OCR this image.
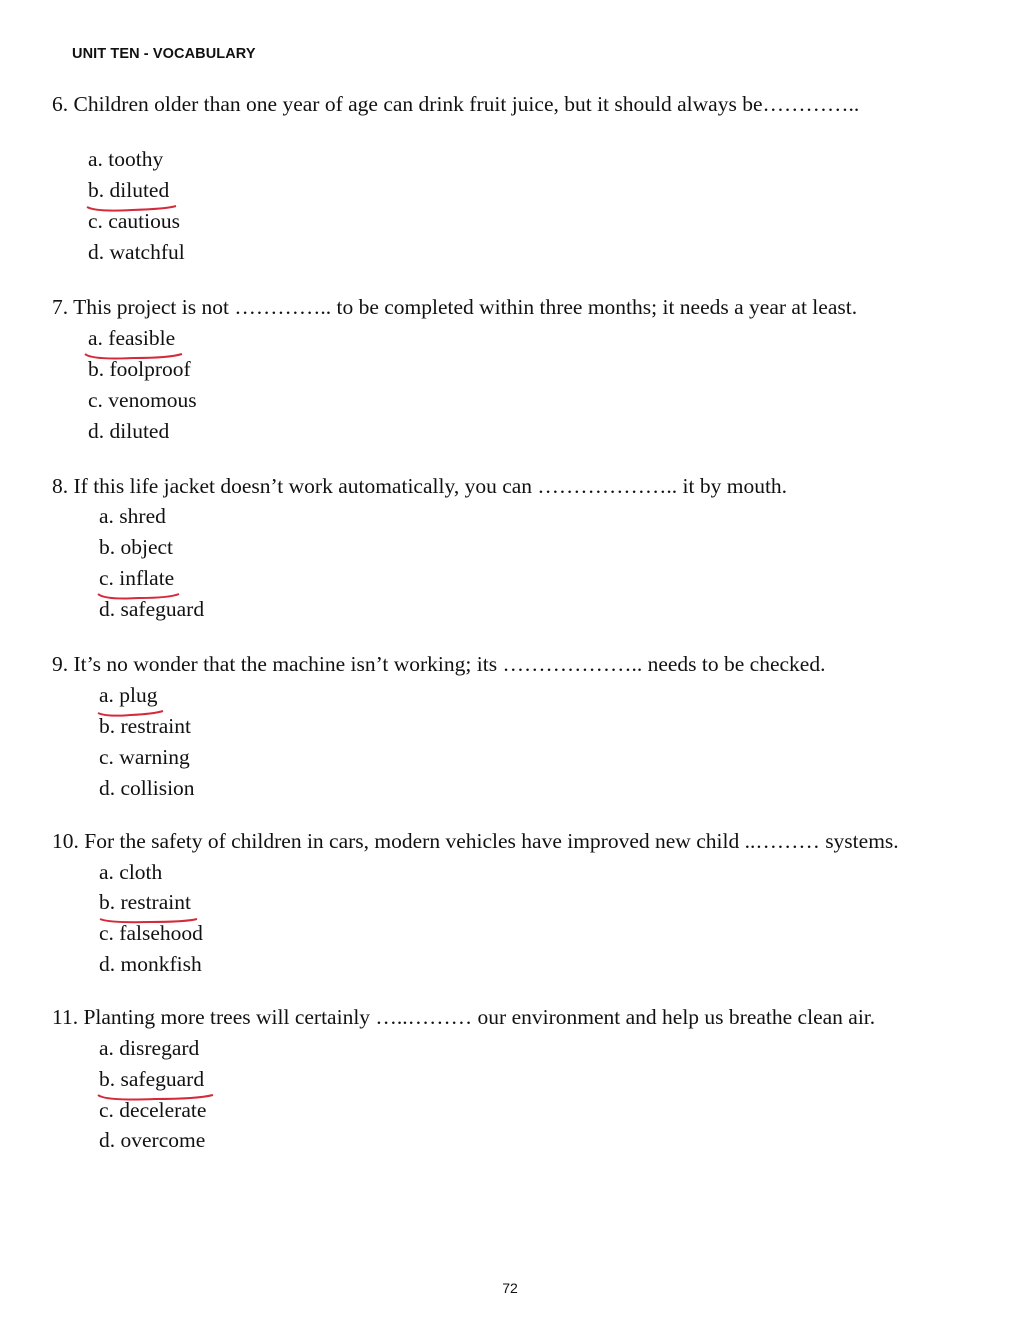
UNIT TEN - VOCABULARY
6. Children older than one year of age can drink fruit juice, but it should always be…………..
a. toothy
b. diluted
c. cautious
d. watchful
7. This project is not ………….. to be completed within three months; it needs a year at least.
a. feasible
b. foolproof
c. venomous
d. diluted
8. If this life jacket doesn’t work automatically, you can ……………….. it by mouth.
a. shred
b. object
c. inflate
d. safeguard
9. It’s no wonder that the machine isn’t working; its ……………….. needs to be checked.
a. plug
b. restraint
c. warning
d. collision
10. For the safety of children in cars, modern vehicles have improved new child ..……… systems.
a. cloth
b. restraint
c. falsehood
d. monkfish
11. Planting more trees will certainly …..……… our environment and help us breathe clean air.
a. disregard
b. safeguard
c. decelerate
d. overcome
72
